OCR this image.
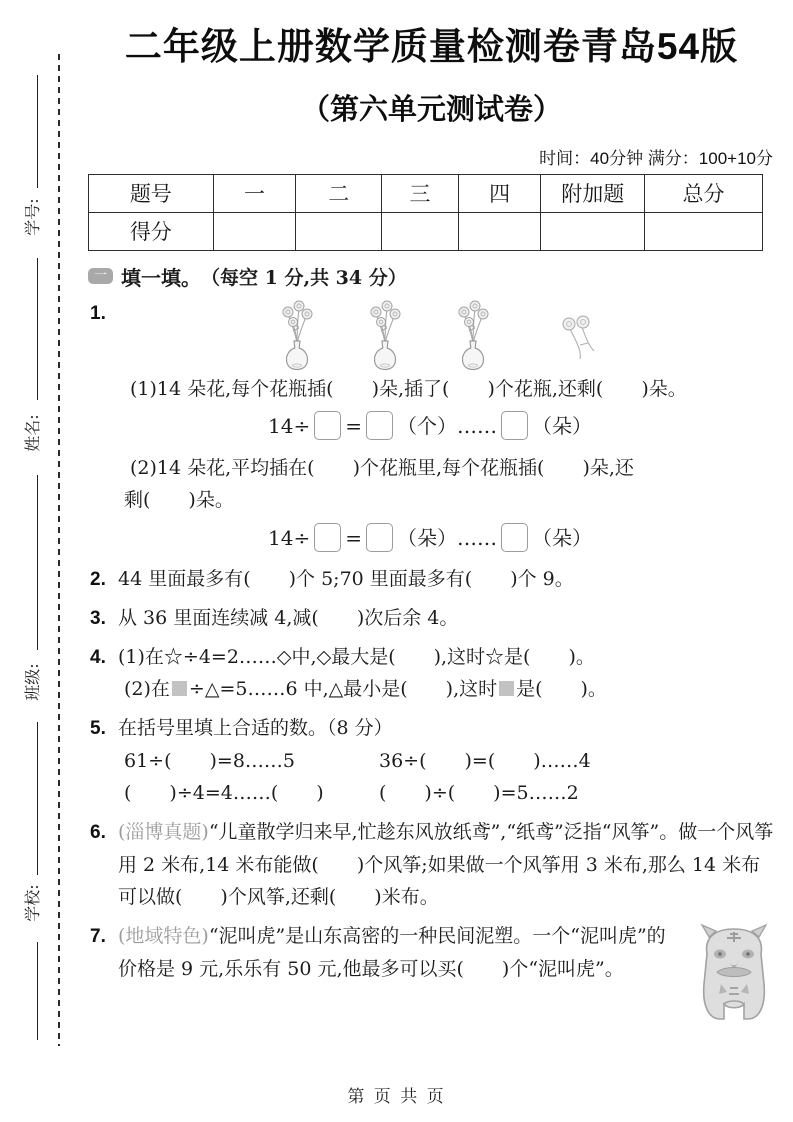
学号:
姓名:
班级:
学校:
二年级上册数学质量检测卷青岛54版
（第六单元测试卷）
时间：40分钟 满分：100+10分
题号	一	二	三	四	附加题	总分
得分						
一 填一填。 （每空 1 分,共 34 分）
1.
(1)14 朵花,每个花瓶插(　　)朵,插了(　　)个花瓶,还剩(　　)朵。
14÷ = （个）…… （朵）
(2)14 朵花,平均插在(　　)个花瓶里,每个花瓶插(　　)朵,还
剩(　　)朵。
14÷ = （朵）…… （朵）
2. 44 里面最多有(　　)个 5;70 里面最多有(　　)个 9。
3. 从 36 里面连续减 4,减(　　)次后余 4。
4. (1)在☆÷4=2……◇中,◇最大是(　　),这时☆是(　　)。
(2)在 ÷△=5……6 中,△最小是(　　),这时 是(　　)。
5. 在括号里填上合适的数。（8 分）
61÷(　　)=8……5	36÷(　　)=(　　)……4
(　　)÷4=4……(　　)	(　　)÷(　　)=5……2
6. (淄博真题)“儿童散学归来早,忙趁东风放纸鸢”,“纸鸢”泛指“风筝”。做一个风筝用 2 米布,14 米布能做(　　)个风筝;如果做一个风筝用 3 米布,那么 14 米布可以做(　　)个风筝,还剩(　　)米布。
7. (地域特色)“泥叫虎”是山东高密的一种民间泥塑。一个“泥叫虎”的价格是 9 元,乐乐有 50 元,他最多可以买(　　)个“泥叫虎”。
第 页 共 页
